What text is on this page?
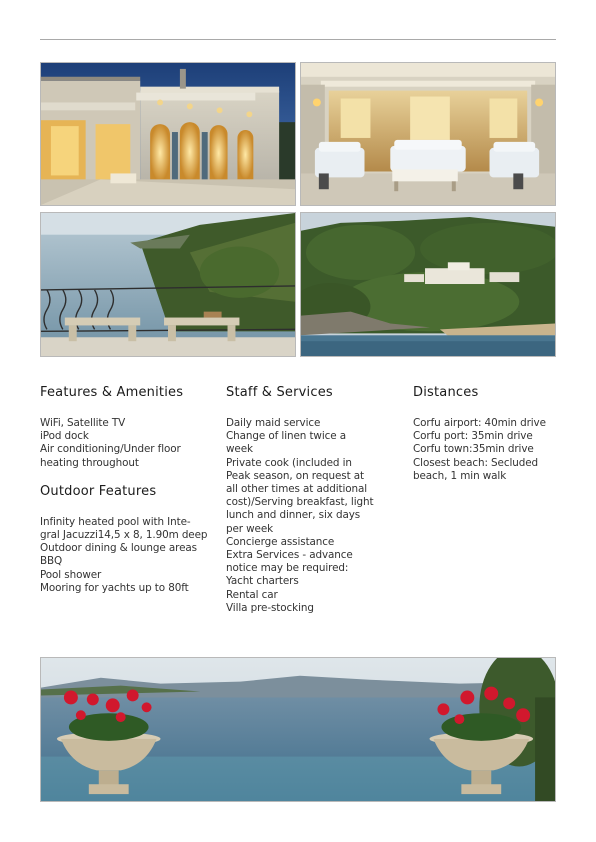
Features & Amenities
WiFi, Satellite TV
iPod dock
Air conditioning/Under floor heating throughout
Outdoor Features
Infinity heated pool with Inte-gral Jacuzzi14,5 x 8, 1.90m deep
Outdoor dining & lounge areas
BBQ
Pool shower
Mooring for yachts up to 80ft
Staff & Services
Daily maid service
Change of linen twice a week
Private cook (included in Peak season, on request at all other times at additional cost)/Serving breakfast, light lunch and dinner, six days per week
Concierge assistance
Extra Services - advance notice may be required:
Yacht charters
Rental car
Villa pre-stocking
Distances
Corfu airport: 40min drive
Corfu port: 35min drive
Corfu town:35min drive
Closest beach: Secluded beach, 1 min walk
